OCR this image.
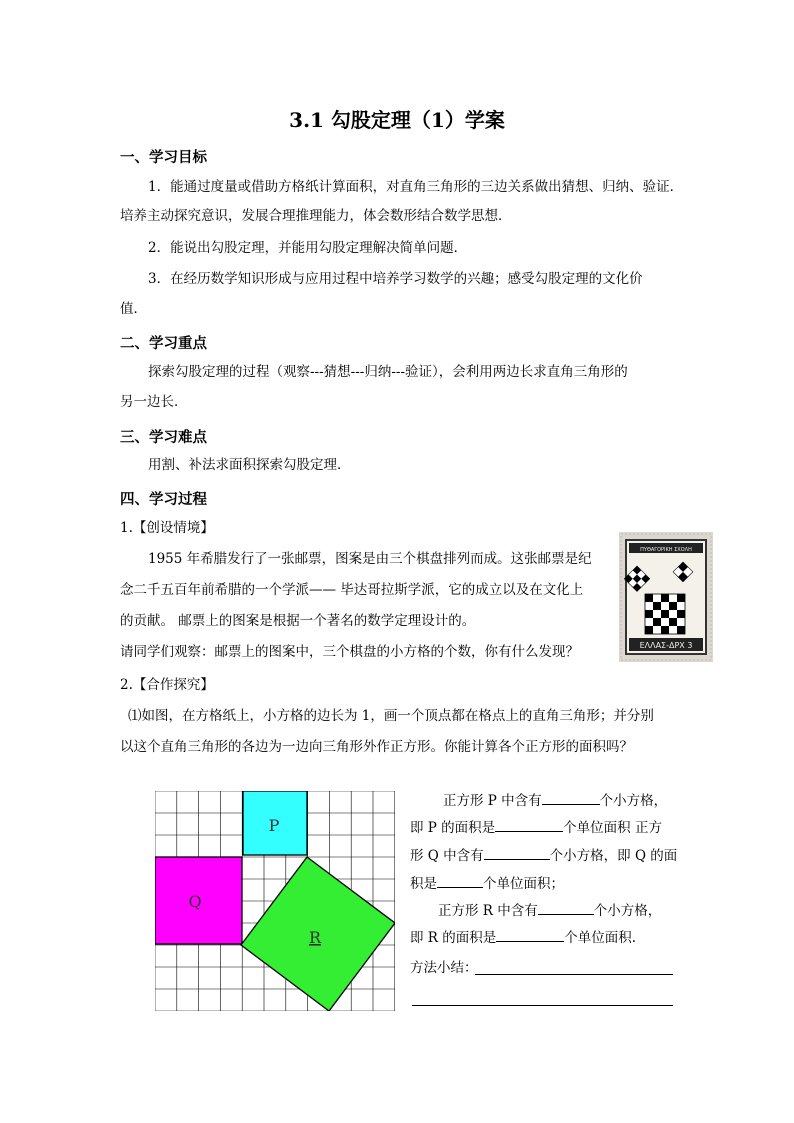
3.1 勾股定理（1）学案
一、学习目标
1．能通过度量或借助方格纸计算面积，对直角三角形的三边关系做出猜想、归纳、验证．
培养主动探究意识，发展合理推理能力，体会数形结合数学思想．
2．能说出勾股定理，并能用勾股定理解决简单问题．
3．在经历数学知识形成与应用过程中培养学习数学的兴趣；感受勾股定理的文化价
值．
二、学习重点
探索勾股定理的过程（观察---猜想---归纳---验证），会利用两边长求直角三角形的
另一边长．
三、学习难点
用割、补法求面积探索勾股定理．
四、学习过程
1.【创设情境】
1955 年希腊发行了一张邮票，图案是由三个棋盘排列而成。这张邮票是纪
念二千五百年前希腊的一个学派—— 毕达哥拉斯学派，它的成立以及在文化上
的贡献。 邮票上的图案是根据一个著名的数学定理设计的。
请同学们观察：邮票上的图案中，三个棋盘的小方格的个数，你有什么发现？
ΠΥΘΑΓΟΡΙΚΗ ΣΧΟΛΗ
ΕΛΛΑΣ-ΔΡΧ 3
2.【合作探究】
⑴如图，在方格纸上，小方格的边长为 1，画一个顶点都在格点上的直角三角形；并分别
以这个直角三角形的各边为一边向三角形外作正方形。你能计算各个正方形的面积吗？
P
Q
R
正方形 P 中含有	个小方格，
即 P 的面积是	个单位面积 正方
形 Q 中含有	个小方格，即 Q 的面
积是	个单位面积；
正方形 R 中含有	个小方格，
即 R 的面积是	个单位面积.
方法小结：
